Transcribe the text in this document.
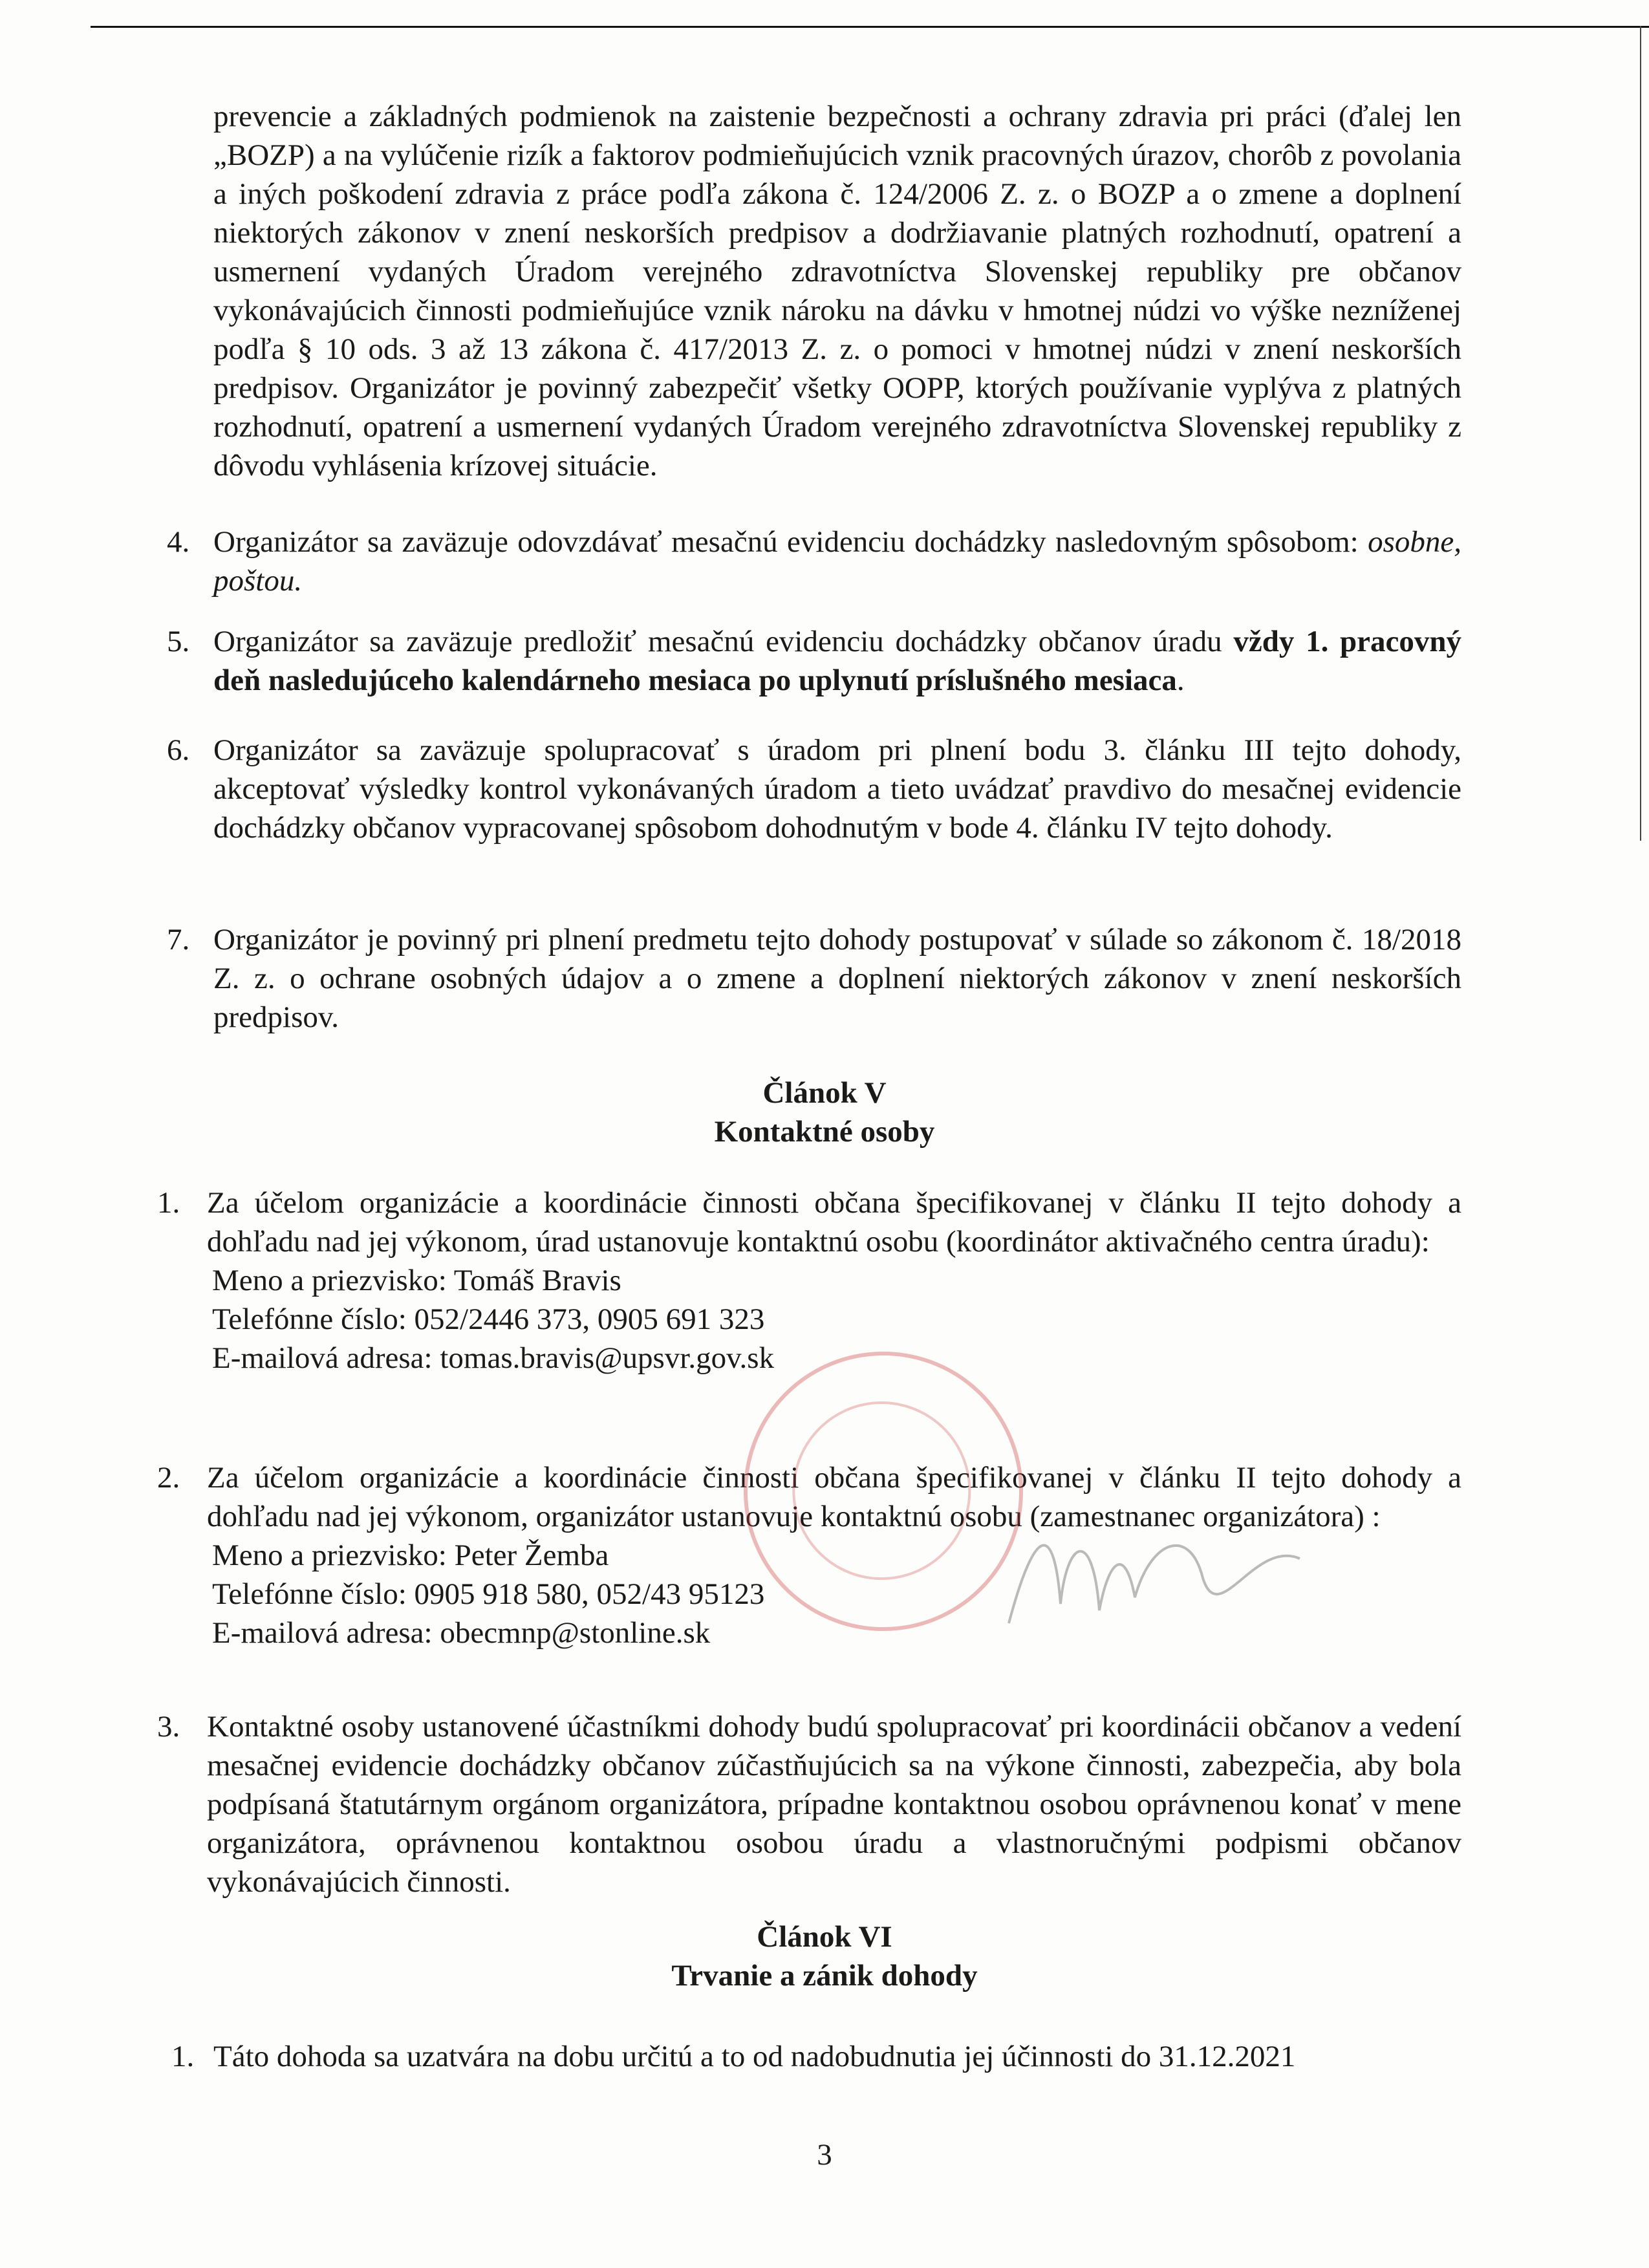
prevencie a základných podmienok na zaistenie bezpečnosti a ochrany zdravia pri práci (ďalej len „BOZP) a na vylúčenie rizík a faktorov podmieňujúcich vznik pracovných úrazov, chorôb z povolania a iných poškodení zdravia z práce podľa zákona č. 124/2006 Z. z. o BOZP a o zmene a doplnení niektorých zákonov v znení neskorších predpisov a dodržiavanie platných rozhodnutí, opatrení a usmernení vydaných Úradom verejného zdravotníctva Slovenskej republiky pre občanov vykonávajúcich činnosti podmieňujúce vznik nároku na dávku v hmotnej núdzi vo výške nezníženej podľa § 10 ods. 3 až 13 zákona č. 417/2013 Z. z. o pomoci v hmotnej núdzi v znení neskorších predpisov. Organizátor je povinný zabezpečiť všetky OOPP, ktorých používanie vyplýva z platných rozhodnutí, opatrení a usmernení vydaných Úradom verejného zdravotníctva Slovenskej republiky z dôvodu vyhlásenia krízovej situácie.

4. Organizátor sa zaväzuje odovzdávať mesačnú evidenciu dochádzky nasledovným spôsobom: osobne, poštou.

5. Organizátor sa zaväzuje predložiť mesačnú evidenciu dochádzky občanov úradu vždy 1. pracovný deň nasledujúceho kalendárneho mesiaca po uplynutí príslušného mesiaca.

6. Organizátor sa zaväzuje spolupracovať s úradom pri plnení bodu 3. článku III tejto dohody, akceptovať výsledky kontrol vykonávaných úradom a tieto uvádzať pravdivo do mesačnej evidencie dochádzky občanov vypracovanej spôsobom dohodnutým v bode 4. článku IV tejto dohody.

7. Organizátor je povinný pri plnení predmetu tejto dohody postupovať v súlade so zákonom č. 18/2018 Z. z. o ochrane osobných údajov a o zmene a doplnení niektorých zákonov v znení neskorších predpisov.

Článok V
Kontaktné osoby
1. Za účelom organizácie a koordinácie činnosti občana špecifikovanej v článku II tejto dohody a dohľadu nad jej výkonom, úrad ustanovuje kontaktnú osobu (koordinátor aktivačného centra úradu):

Meno a priezvisko: Tomáš Bravis

Telefónne číslo: 052/2446 373, 0905 691 323

E-mailová adresa: tomas.bravis@upsvr.gov.sk

2. Za účelom organizácie a koordinácie činnosti občana špecifikovanej v článku II tejto dohody a dohľadu nad jej výkonom, organizátor ustanovuje kontaktnú osobu (zamestnanec organizátora) :

Meno a priezvisko: Peter Žemba

Telefónne číslo: 0905 918 580, 052/43 95123

E-mailová adresa: obecmnp@stonline.sk

3. Kontaktné osoby ustanovené účastníkmi dohody budú spolupracovať pri koordinácii občanov a vedení mesačnej evidencie dochádzky občanov zúčastňujúcich sa na výkone činnosti, zabezpečia, aby bola podpísaná štatutárnym orgánom organizátora, prípadne kontaktnou osobou oprávnenou konať v mene organizátora, oprávnenou kontaktnou osobou úradu a vlastnoručnými podpismi občanov vykonávajúcich činnosti.

Článok VI
Trvanie a zánik dohody
1. Táto dohoda sa uzatvára na dobu určitú a to od nadobudnutia jej účinnosti do 31.12.2021

3
